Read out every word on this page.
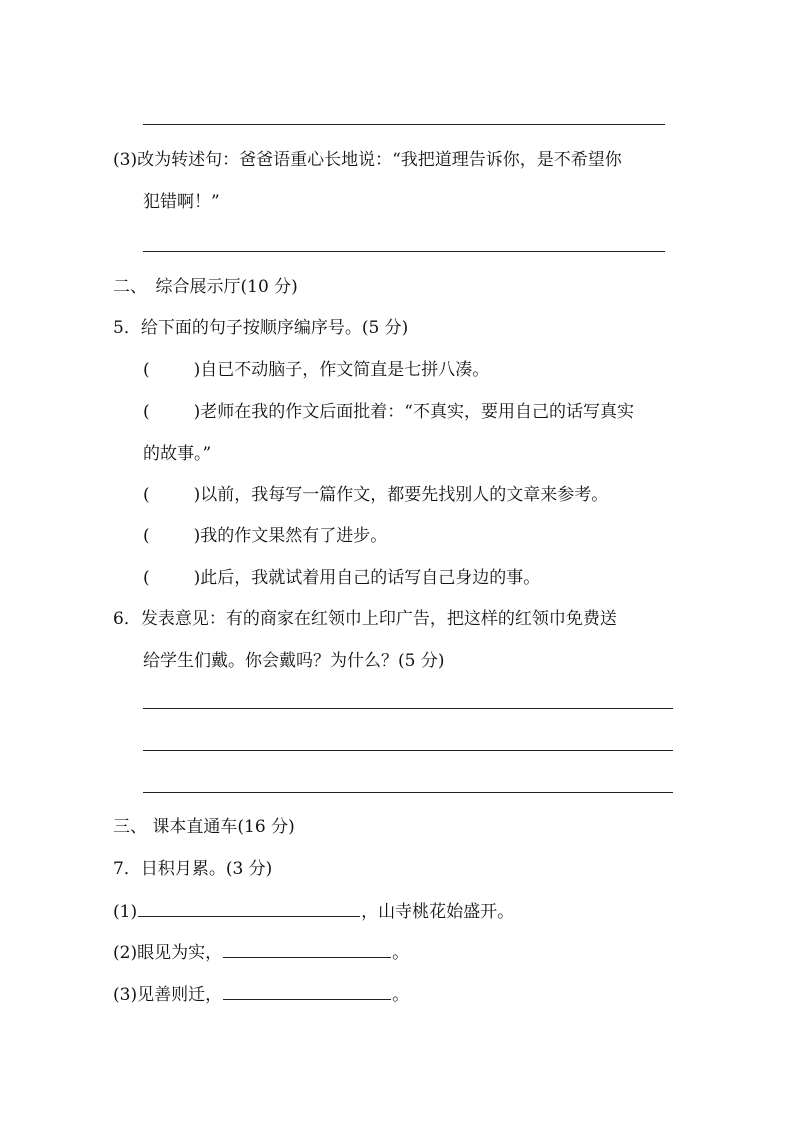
(3)改为转述句：爸爸语重心长地说：“我把道理告诉你，是不希望你
犯错啊！”
二、　综合展示厅(10 分)
5．给下面的句子按顺序编序号。(5 分)
(	)自已不动脑子，作文简直是七拼八凑。
(	)老师在我的作文后面批着：“不真实，要用自己的话写真实
的故事。”
(	)以前，我每写一篇作文，都要先找别人的文章来参考。
(	)我的作文果然有了进步。
(	)此后，我就试着用自己的话写自己身边的事。
6．发表意见：有的商家在红领巾上印广告，把这样的红领巾免费送
给学生们戴。你会戴吗？为什么？(5 分)
三、 课本直通车(16 分)
7．日积月累。(3 分)
(1)	，山寺桃花始盛开。
(2)眼见为实，	。
(3)见善则迁，	。
